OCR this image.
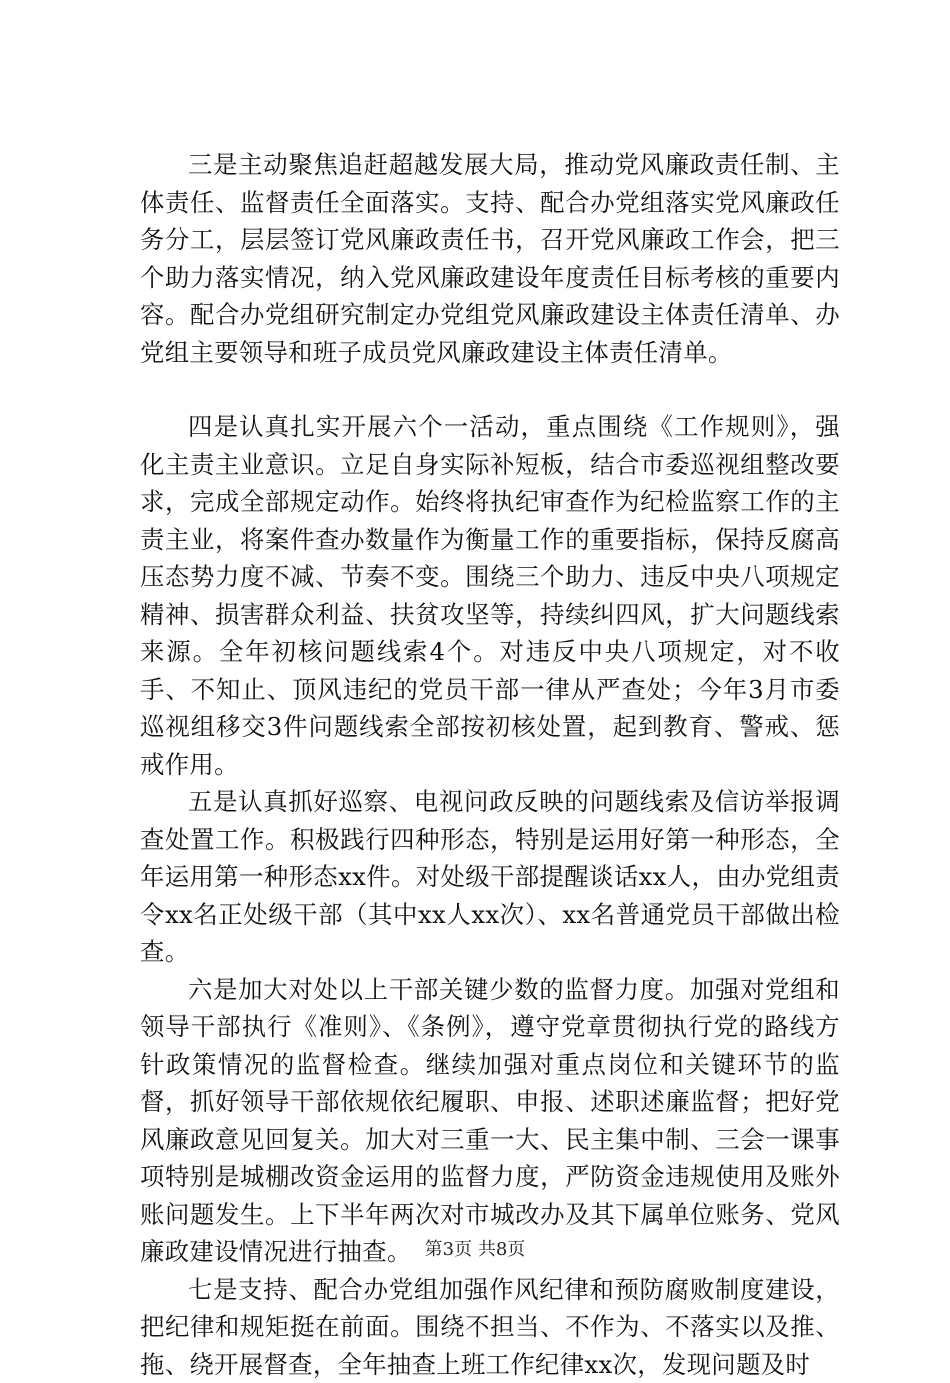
三是主动聚焦追赶超越发展大局，推动党风廉政责任制、主体责任、监督责任全面落实。支持、配合办党组落实党风廉政任务分工，层层签订党风廉政责任书，召开党风廉政工作会，把三个助力落实情况，纳入党风廉政建设年度责任目标考核的重要内容。配合办党组研究制定办党组党风廉政建设主体责任清单、办党组主要领导和班子成员党风廉政建设主体责任清单。

四是认真扎实开展六个一活动，重点围绕《工作规则》，强化主责主业意识。立足自身实际补短板，结合市委巡视组整改要求，完成全部规定动作。始终将执纪审查作为纪检监察工作的主责主业，将案件查办数量作为衡量工作的重要指标，保持反腐高压态势力度不减、节奏不变。围绕三个助力、违反中央八项规定精神、损害群众利益、扶贫攻坚等，持续纠四风，扩大问题线索来源。全年初核问题线索4个。对违反中央八项规定，对不收手、不知止、顶风违纪的党员干部一律从严查处；今年3月市委巡视组移交3件问题线索全部按初核处置，起到教育、警戒、惩戒作用。

五是认真抓好巡察、电视问政反映的问题线索及信访举报调查处置工作。积极践行四种形态，特别是运用好第一种形态，全年运用第一种形态xx件。对处级干部提醒谈话xx人，由办党组责令xx名正处级干部（其中xx人xx次）、xx名普通党员干部做出检查。

六是加大对处以上干部关键少数的监督力度。加强对党组和领导干部执行《准则》、《条例》，遵守党章贯彻执行党的路线方针政策情况的监督检查。继续加强对重点岗位和关键环节的监督，抓好领导干部依规依纪履职、申报、述职述廉监督；把好党风廉政意见回复关。加大对三重一大、民主集中制、三会一课事项特别是城棚改资金运用的监督力度，严防资金违规使用及账外账问题发生。上下半年两次对市城改办及其下属单位账务、党风廉政建设情况进行抽查。

七是支持、配合办党组加强作风纪律和预防腐败制度建设，把纪律和规矩挺在前面。围绕不担当、不作为、不落实以及推、拖、绕开展督查，全年抽查上班工作纪律xx次，发现问题及时

第3页 共8页
